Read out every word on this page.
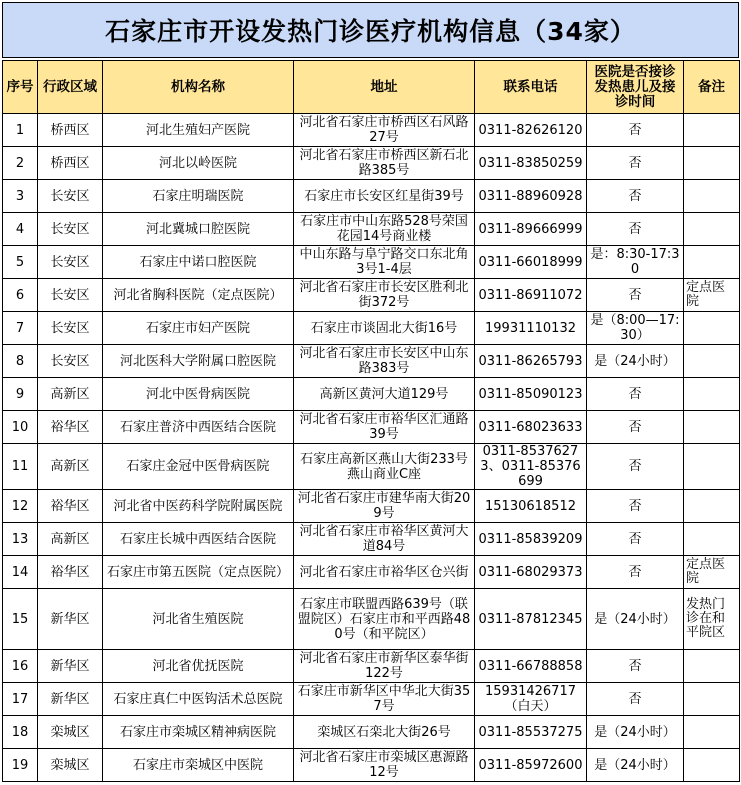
石家庄市开设发热门诊医疗机构信息（34家）
序号	行政区域	机构名称	地址	联系电话	医院是否接诊发热患儿及接诊时间	备注
1	桥西区	河北生殖妇产医院	河北省石家庄市桥西区石风路27号	0311-82626120	否	
2	桥西区	河北以岭医院	河北省石家庄市桥西区新石北路385号	0311-83850259	否	
3	长安区	石家庄明瑞医院	石家庄市长安区红星街39号	0311-88960928	否	
4	长安区	河北冀城口腔医院	石家庄市中山东路528号荣国花园14号商业楼	0311-89666999	否	
5	长安区	石家庄中诺口腔医院	中山东路与阜宁路交口东北角3号1-4层	0311-66018999	是：8:30-17:30	
6	长安区	河北省胸科医院（定点医院）	河北省石家庄市长安区胜利北街372号	0311-86911072	否	定点医院
7	长安区	石家庄市妇产医院	石家庄市谈固北大街16号	19931110132	是（8:00—17:30）	
8	长安区	河北医科大学附属口腔医院	河北省石家庄市长安区中山东路383号	0311-86265793	是（24小时）	
9	高新区	河北中医骨病医院	高新区黄河大道129号	0311-85090123	否	
10	裕华区	石家庄普济中西医结合医院	河北省石家庄市裕华区汇通路39号	0311-68023633	否	
11	高新区	石家庄金冠中医骨病医院	石家庄高新区燕山大街233号燕山商业C座	0311-85376273、0311-85376699	否	
12	裕华区	河北省中医药科学院附属医院	河北省石家庄市建华南大街209号	15130618512	否	
13	高新区	石家庄长城中西医结合医院	河北省石家庄市裕华区黄河大道84号	0311-85839209	否	
14	裕华区	石家庄市第五医院（定点医院）	河北省石家庄市裕华区仓兴街	0311-68029373	否	定点医院
15	新华区	河北省生殖医院	石家庄市联盟西路639号（联盟院区）石家庄市和平西路480号（和平院区）	0311-87812345	是（24小时）	发热门诊在和平院区
16	新华区	河北省优抚医院	河北省石家庄市新华区泰华街122号	0311-66788858	否	
17	新华区	石家庄真仁中医钩活术总医院	石家庄市新华区中华北大街357号	15931426717（白天）	否	
18	栾城区	石家庄市栾城区精神病医院	栾城区石栾北大街26号	0311-85537275	是（24小时）	
19	栾城区	石家庄市栾城区中医院	河北省石家庄市栾城区惠源路12号	0311-85972600	是（24小时）	
